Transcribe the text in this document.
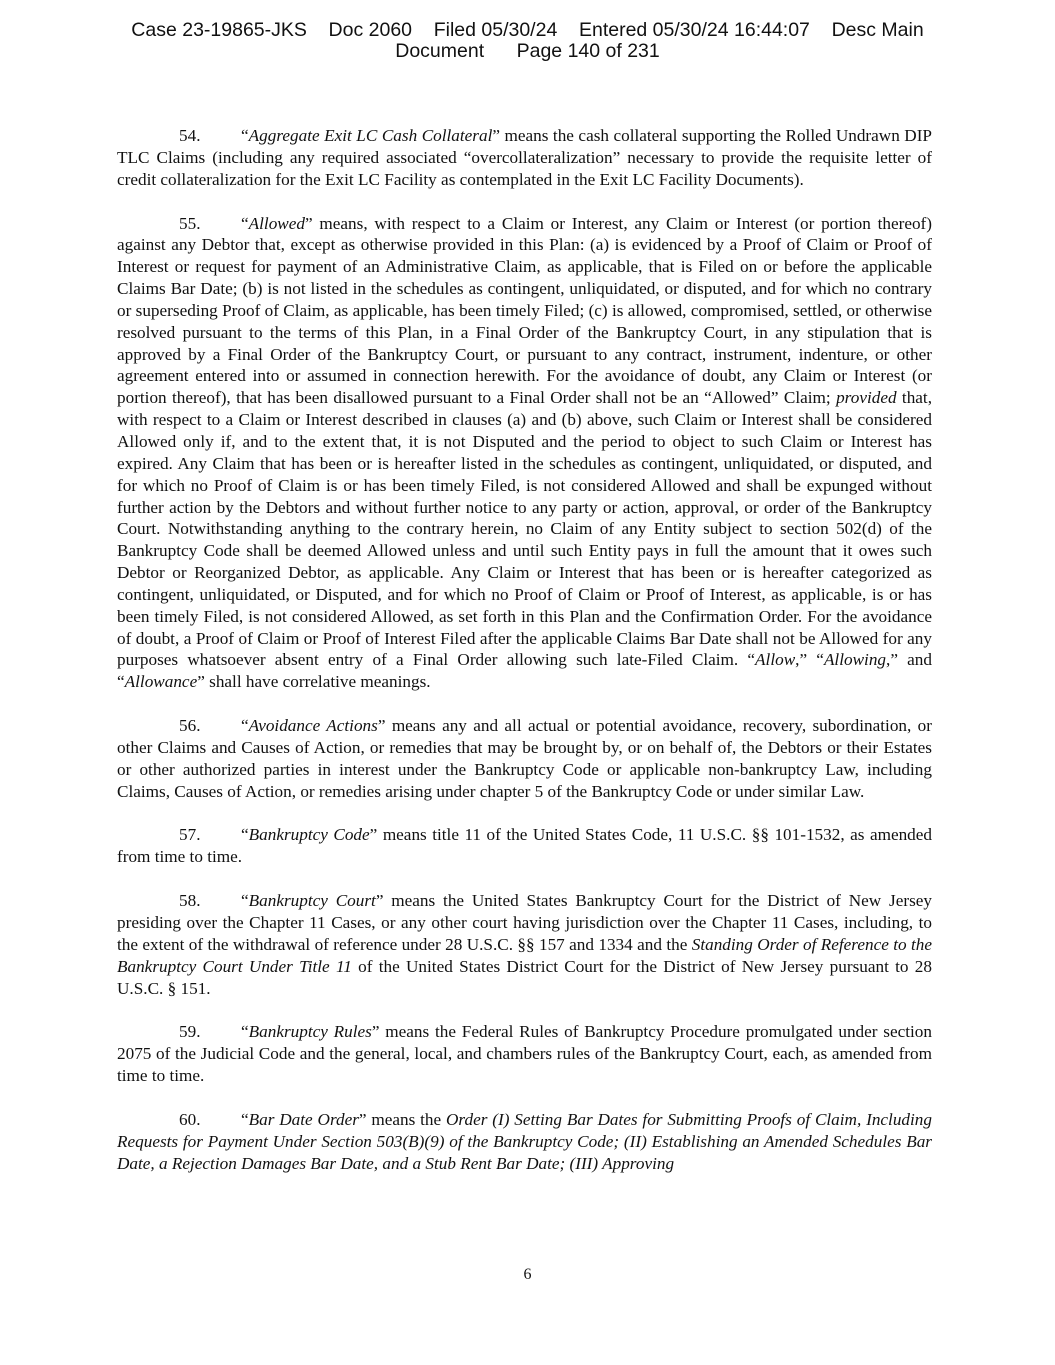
Case 23-19865-JKS    Doc 2060    Filed 05/30/24    Entered 05/30/24 16:44:07    Desc Main
Document      Page 140 of 231

54. “Aggregate Exit LC Cash Collateral” means the cash collateral supporting the Rolled Undrawn DIP TLC Claims (including any required associated “overcollateralization” necessary to provide the requisite letter of credit collateralization for the Exit LC Facility as contemplated in the Exit LC Facility Documents).

55. “Allowed” means, with respect to a Claim or Interest, any Claim or Interest (or portion thereof) against any Debtor that, except as otherwise provided in this Plan: (a) is evidenced by a Proof of Claim or Proof of Interest or request for payment of an Administrative Claim, as applicable, that is Filed on or before the applicable Claims Bar Date; (b) is not listed in the schedules as contingent, unliquidated, or disputed, and for which no contrary or superseding Proof of Claim, as applicable, has been timely Filed; (c) is allowed, compromised, settled, or otherwise resolved pursuant to the terms of this Plan, in a Final Order of the Bankruptcy Court, in any stipulation that is approved by a Final Order of the Bankruptcy Court, or pursuant to any contract, instrument, indenture, or other agreement entered into or assumed in connection herewith. For the avoidance of doubt, any Claim or Interest (or portion thereof), that has been disallowed pursuant to a Final Order shall not be an “Allowed” Claim; provided that, with respect to a Claim or Interest described in clauses (a) and (b) above, such Claim or Interest shall be considered Allowed only if, and to the extent that, it is not Disputed and the period to object to such Claim or Interest has expired. Any Claim that has been or is hereafter listed in the schedules as contingent, unliquidated, or disputed, and for which no Proof of Claim is or has been timely Filed, is not considered Allowed and shall be expunged without further action by the Debtors and without further notice to any party or action, approval, or order of the Bankruptcy Court. Notwithstanding anything to the contrary herein, no Claim of any Entity subject to section 502(d) of the Bankruptcy Code shall be deemed Allowed unless and until such Entity pays in full the amount that it owes such Debtor or Reorganized Debtor, as applicable. Any Claim or Interest that has been or is hereafter categorized as contingent, unliquidated, or Disputed, and for which no Proof of Claim or Proof of Interest, as applicable, is or has been timely Filed, is not considered Allowed, as set forth in this Plan and the Confirmation Order. For the avoidance of doubt, a Proof of Claim or Proof of Interest Filed after the applicable Claims Bar Date shall not be Allowed for any purposes whatsoever absent entry of a Final Order allowing such late-Filed Claim. “Allow,” “Allowing,” and “Allowance” shall have correlative meanings.

56. “Avoidance Actions” means any and all actual or potential avoidance, recovery, subordination, or other Claims and Causes of Action, or remedies that may be brought by, or on behalf of, the Debtors or their Estates or other authorized parties in interest under the Bankruptcy Code or applicable non-bankruptcy Law, including Claims, Causes of Action, or remedies arising under chapter 5 of the Bankruptcy Code or under similar Law.

57. “Bankruptcy Code” means title 11 of the United States Code, 11 U.S.C. §§ 101-1532, as amended from time to time.

58. “Bankruptcy Court” means the United States Bankruptcy Court for the District of New Jersey presiding over the Chapter 11 Cases, or any other court having jurisdiction over the Chapter 11 Cases, including, to the extent of the withdrawal of reference under 28 U.S.C. §§ 157 and 1334 and the Standing Order of Reference to the Bankruptcy Court Under Title 11 of the United States District Court for the District of New Jersey pursuant to 28 U.S.C. § 151.

59. “Bankruptcy Rules” means the Federal Rules of Bankruptcy Procedure promulgated under section 2075 of the Judicial Code and the general, local, and chambers rules of the Bankruptcy Court, each, as amended from time to time.

60. “Bar Date Order” means the Order (I) Setting Bar Dates for Submitting Proofs of Claim, Including Requests for Payment Under Section 503(B)(9) of the Bankruptcy Code; (II) Establishing an Amended Schedules Bar Date, a Rejection Damages Bar Date, and a Stub Rent Bar Date; (III) Approving

6
